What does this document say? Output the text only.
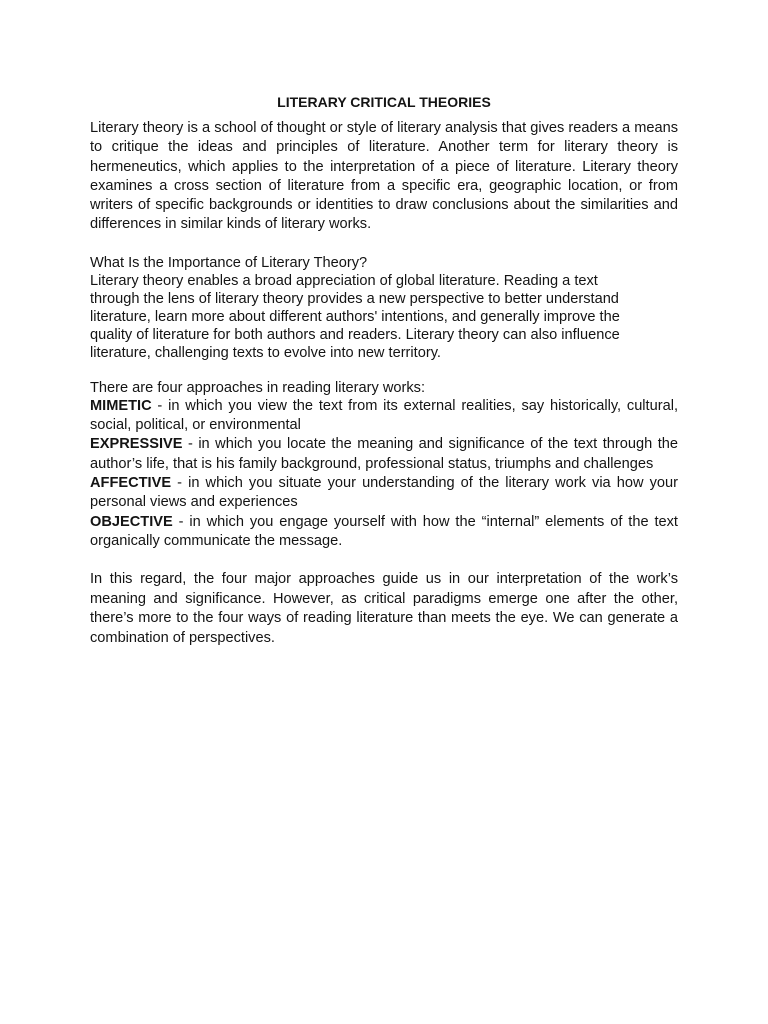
LITERARY CRITICAL THEORIES

Literary theory is a school of thought or style of literary analysis that gives readers a means to critique the ideas and principles of literature. Another term for literary theory is hermeneutics, which applies to the interpretation of a piece of literature. Literary theory examines a cross section of literature from a specific era, geographic location, or from writers of specific backgrounds or identities to draw conclusions about the similarities and differences in similar kinds of literary works.

What Is the Importance of Literary Theory?
Literary theory enables a broad appreciation of global literature. Reading a text
through the lens of literary theory provides a new perspective to better understand
literature, learn more about different authors' intentions, and generally improve the
quality of literature for both authors and readers. Literary theory can also influence
literature, challenging texts to evolve into new territory.

There are four approaches in reading literary works:

MIMETIC - in which you view the text from its external realities, say historically, cultural, social, political, or environmental

EXPRESSIVE - in which you locate the meaning and significance of the text through the author’s life, that is his family background, professional status, triumphs and challenges

AFFECTIVE - in which you situate your understanding of the literary work via how your personal views and experiences

OBJECTIVE - in which you engage yourself with how the “internal” elements of the text organically communicate the message.

In this regard, the four major approaches guide us in our interpretation of the work’s meaning and significance. However, as critical paradigms emerge one after the other, there’s more to the four ways of reading literature than meets the eye. We can generate a combination of perspectives.
